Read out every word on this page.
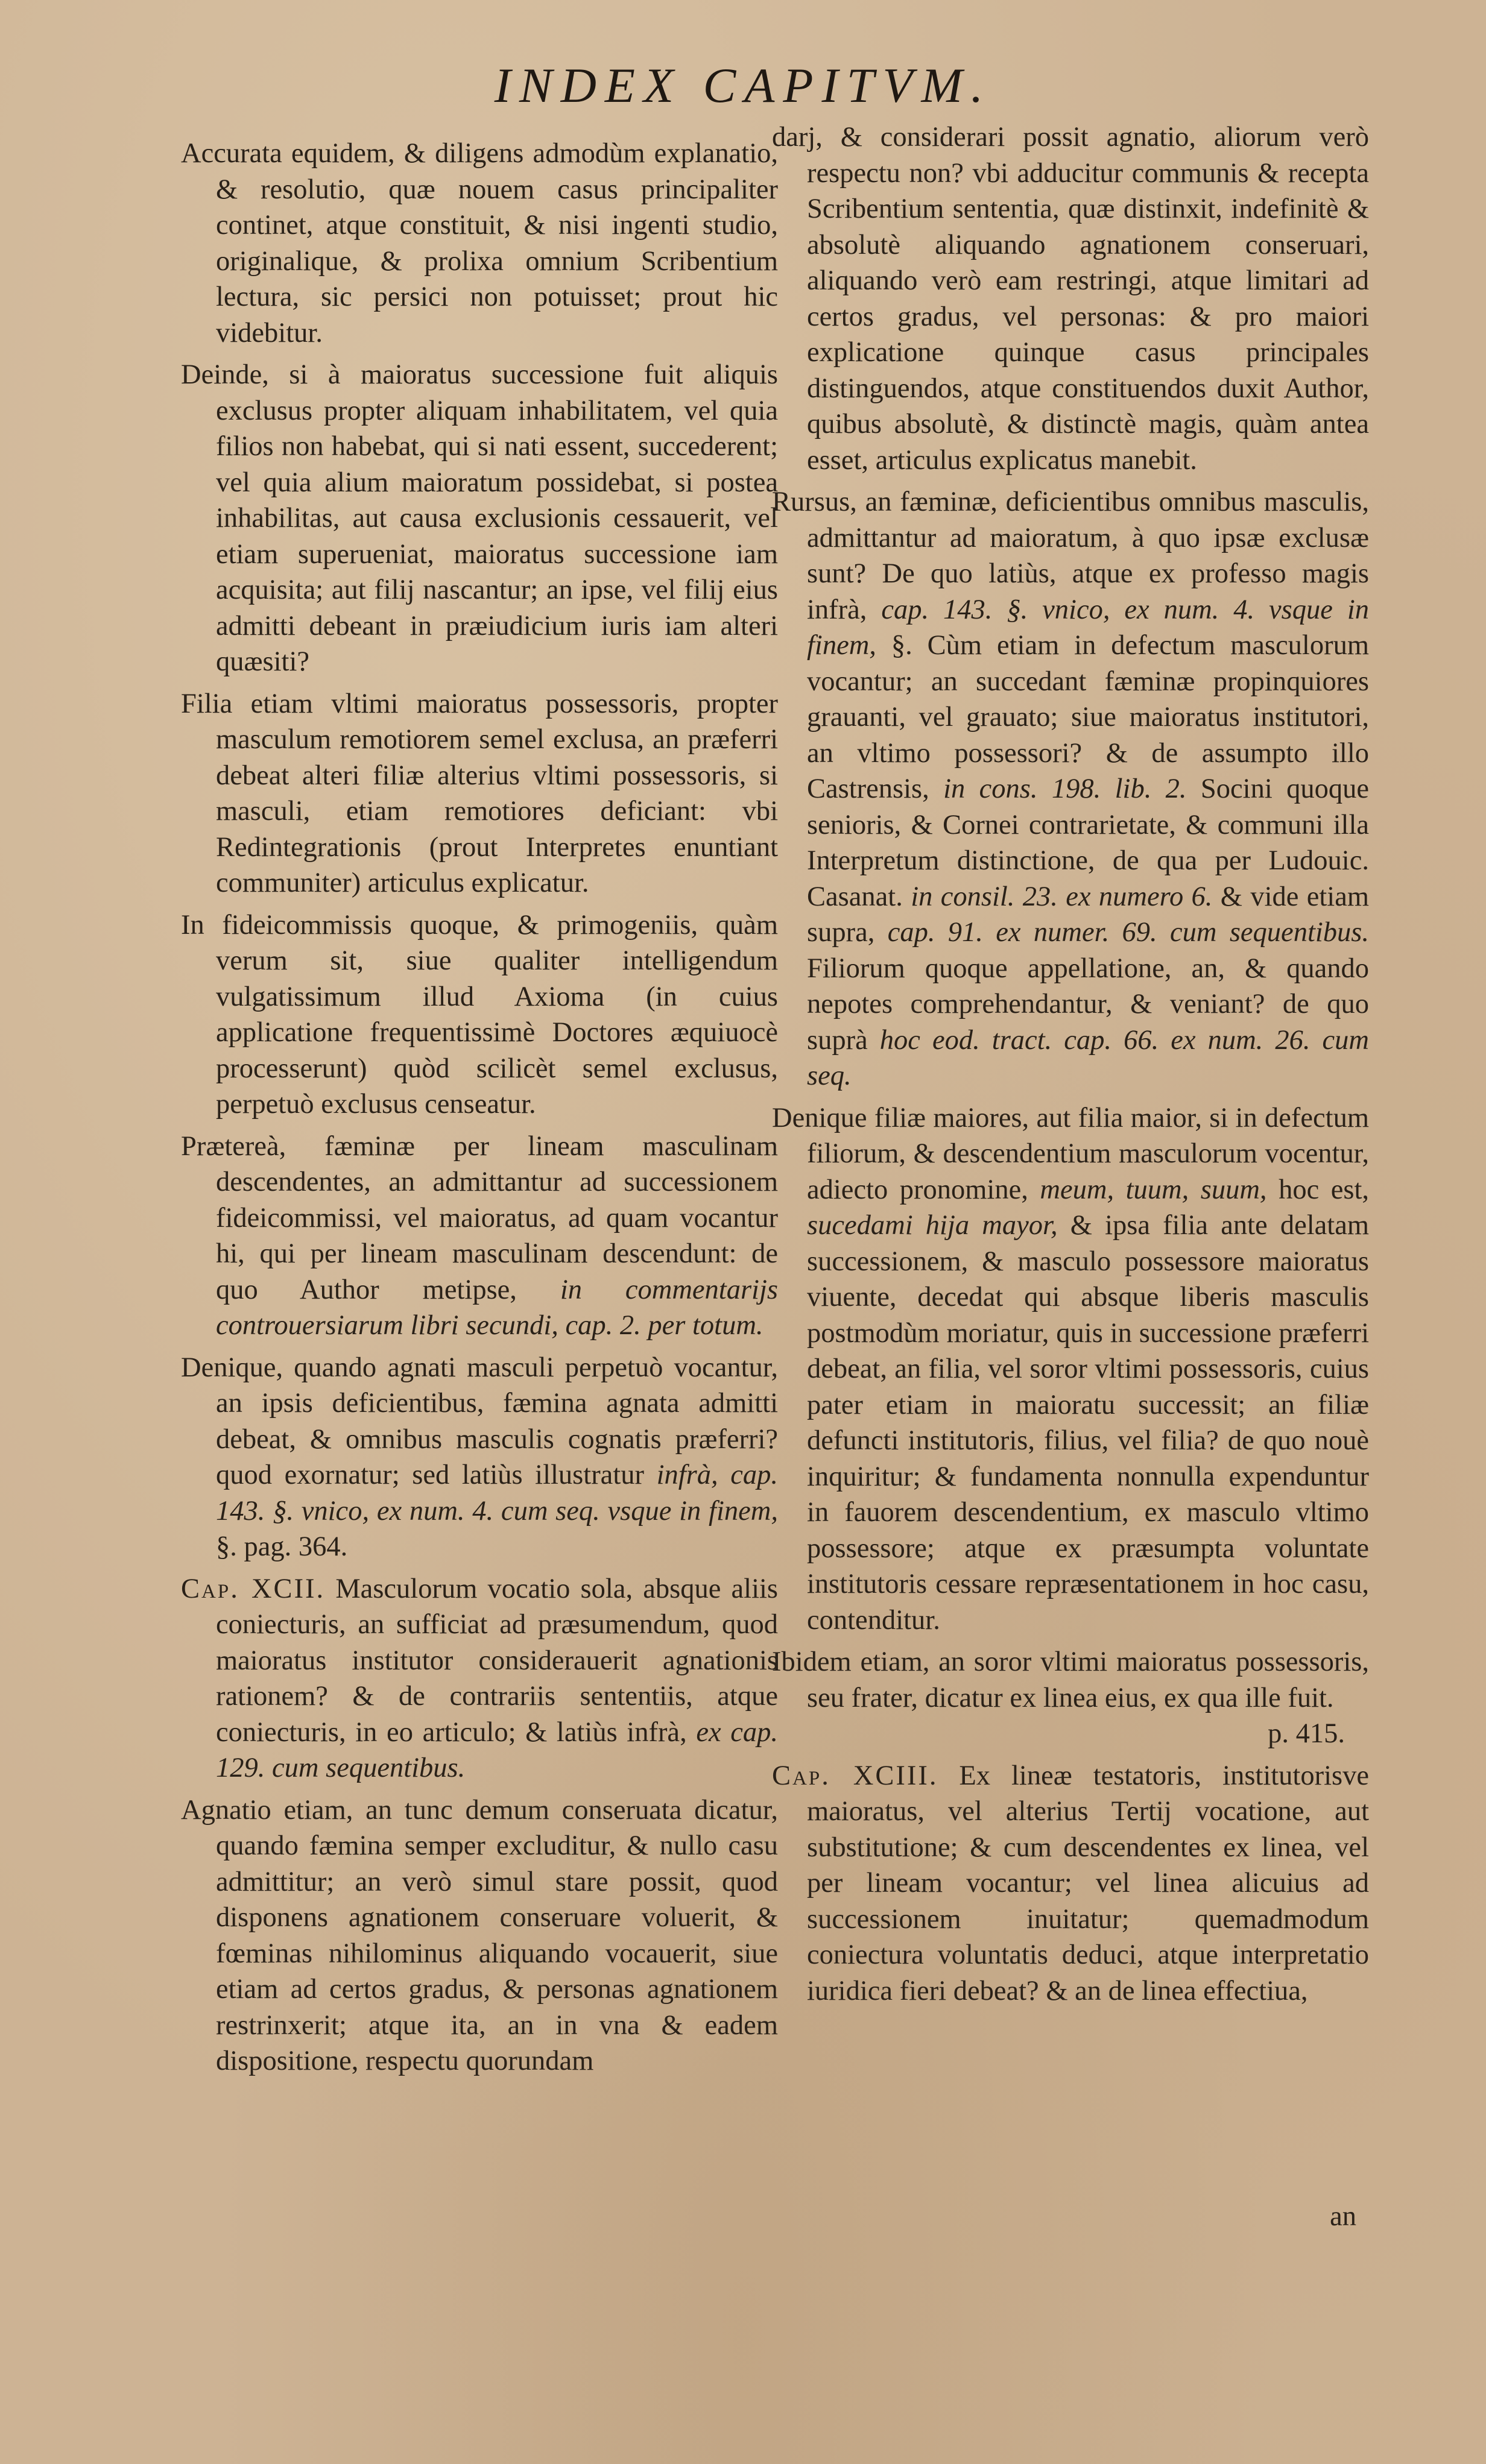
INDEX CAPITVM.

Accurata equidem, & diligens admodùm explanatio, & resolutio, quæ nouem casus principaliter continet, atque constituit, & nisi ingenti studio, originalique, & prolixa omnium Scribentium lectura, sic persici non potuisset; prout hic videbitur.

Deinde, si à maioratus successione fuit aliquis exclusus propter aliquam inhabilitatem, vel quia filios non habebat, qui si nati essent, succederent; vel quia alium maioratum possidebat, si postea inhabilitas, aut causa exclusionis cessauerit, vel etiam superueniat, maioratus successione iam acquisita; aut filij nascantur; an ipse, vel filij eius admitti debeant in præiudicium iuris iam alteri quæsiti?

Filia etiam vltimi maioratus possessoris, propter masculum remotiorem semel exclusa, an præferri debeat alteri filiæ alterius vltimi possessoris, si masculi, etiam remotiores deficiant: vbi Redintegrationis (prout Interpretes enuntiant communiter) articulus explicatur.

In fideicommissis quoque, & primogeniis, quàm verum sit, siue qualiter intelligendum vulgatissimum illud Axioma (in cuius applicatione frequentissimè Doctores æquiuocè processerunt) quòd scilicèt semel exclusus, perpetuò exclusus censeatur.

Prætereà, fæminæ per lineam masculinam descendentes, an admittantur ad successionem fideicommissi, vel maioratus, ad quam vocantur hi, qui per lineam masculinam descendunt: de quo Author metipse, in commentarijs controuersiarum libri secundi, cap. 2. per totum.

Denique, quando agnati masculi perpetuò vocantur, an ipsis deficientibus, fæmina agnata admitti debeat, & omnibus masculis cognatis præferri? quod exornatur; sed latiùs illustratur infrà, cap. 143. §. vnico, ex num. 4. cum seq. vsque in finem, §. pag. 364.

Cap. XCII. Masculorum vocatio sola, absque aliis coniecturis, an sufficiat ad præsumendum, quod maioratus institutor considerauerit agnationis rationem? & de contrariis sententiis, atque coniecturis, in eo articulo; & latiùs infrà, ex cap. 129. cum sequentibus.

Agnatio etiam, an tunc demum conseruata dicatur, quando fæmina semper excluditur, & nullo casu admittitur; an verò simul stare possit, quod disponens agnationem conseruare voluerit, & fœminas nihilominus aliquando vocauerit, siue etiam ad certos gradus, & personas agnationem restrinxerit; atque ita, an in vna & eadem dispositione, respectu quorundam

darj, & considerari possit agnatio, aliorum verò respectu non? vbi adducitur communis & recepta Scribentium sententia, quæ distinxit, indefinitè & absolutè aliquando agnationem conseruari, aliquando verò eam restringi, atque limitari ad certos gradus, vel personas: & pro maiori explicatione quinque casus principales distinguendos, atque constituendos duxit Author, quibus absolutè, & distinctè magis, quàm antea esset, articulus explicatus manebit.

Rursus, an fæminæ, deficientibus omnibus masculis, admittantur ad maioratum, à quo ipsæ exclusæ sunt? De quo latiùs, atque ex professo magis infrà, cap. 143. §. vnico, ex num. 4. vsque in finem, §. Cùm etiam in defectum masculorum vocantur; an succedant fæminæ propinquiores grauanti, vel grauato; siue maioratus institutori, an vltimo possessori? & de assumpto illo Castrensis, in cons. 198. lib. 2. Socini quoque senioris, & Cornei contrarietate, & communi illa Interpretum distinctione, de qua per Ludouic. Casanat. in consil. 23. ex numero 6. & vide etiam supra, cap. 91. ex numer. 69. cum sequentibus. Filiorum quoque appellatione, an, & quando nepotes comprehendantur, & veniant? de quo suprà hoc eod. tract. cap. 66. ex num. 26. cum seq.

Denique filiæ maiores, aut filia maior, si in defectum filiorum, & descendentium masculorum vocentur, adiecto pronomine, meum, tuum, suum, hoc est, sucedami hija mayor, & ipsa filia ante delatam successionem, & masculo possessore maioratus viuente, decedat qui absque liberis masculis postmodùm moriatur, quis in successione præferri debeat, an filia, vel soror vltimi possessoris, cuius pater etiam in maioratu successit; an filiæ defuncti institutoris, filius, vel filia? de quo nouè inquiritur; & fundamenta nonnulla expenduntur in fauorem descendentium, ex masculo vltimo possessore; atque ex præsumpta voluntate institutoris cessare repræsentationem in hoc casu, contenditur.

Ibidem etiam, an soror vltimi maioratus possessoris, seu frater, dicatur ex linea eius, ex qua ille fuit.
p. 415.

Cap. XCIII. Ex lineæ testatoris, institutorisve maioratus, vel alterius Tertij vocatione, aut substitutione; & cum descendentes ex linea, vel per lineam vocantur; vel linea alicuius ad successionem inuitatur; quemadmodum coniectura voluntatis deduci, atque interpretatio iuridica fieri debeat? & an de linea effectiua,

an
